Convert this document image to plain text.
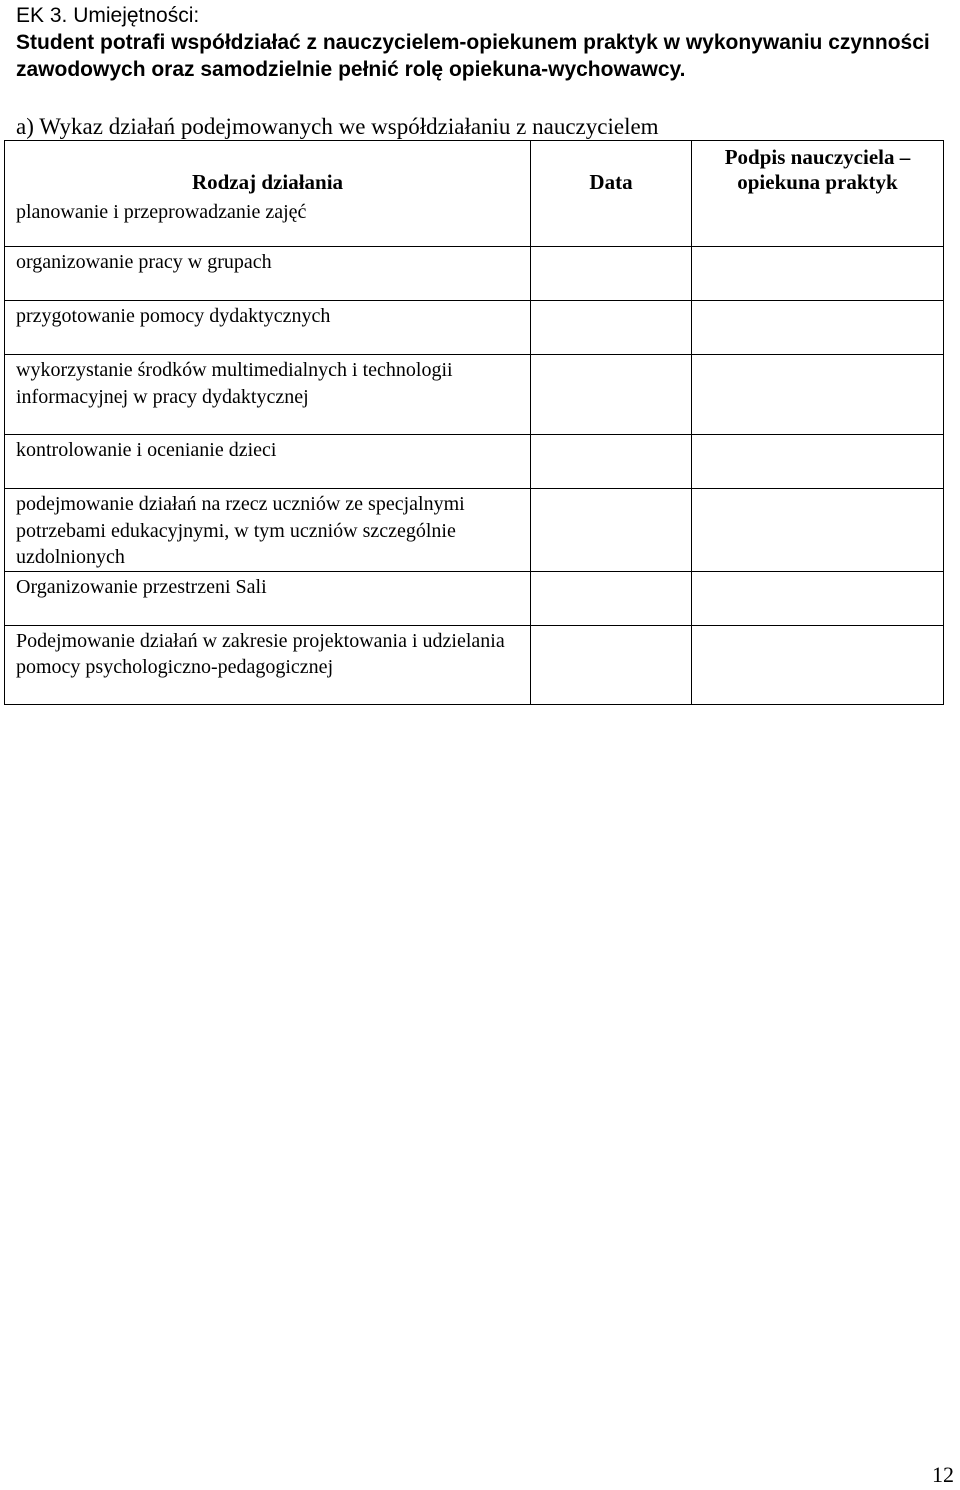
EK 3. Umiejętności:
Student potrafi współdziałać z nauczycielem-opiekunem praktyk w wykonywaniu czynności zawodowych oraz samodzielnie pełnić rolę opiekuna-wychowawcy.
a) Wykaz działań podejmowanych we współdziałaniu z nauczycielem
Rodzaj działania	Data	Podpis nauczyciela –
opiekuna praktyk

planowanie i przeprowadzanie zajęć		
organizowanie pracy w grupach		
przygotowanie pomocy dydaktycznych		
wykorzystanie środków multimedialnych i technologii informacyjnej w pracy dydaktycznej		
kontrolowanie i ocenianie dzieci		
podejmowanie działań na rzecz uczniów ze specjalnymi potrzebami edukacyjnymi, w tym uczniów szczególnie uzdolnionych		
Organizowanie przestrzeni Sali		
Podejmowanie działań w zakresie projektowania i udzielania pomocy psychologiczno-pedagogicznej		
12
